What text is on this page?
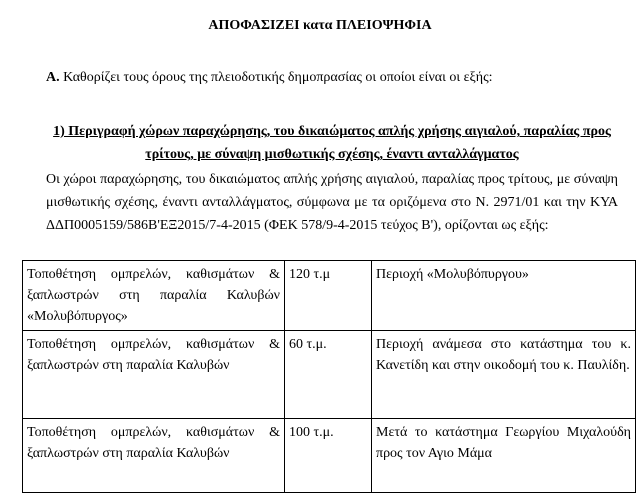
ΑΠΟΦΑΣΙΖΕΙ κατα ΠΛΕΙΟΨΗΦΙΑ
Α. Καθορίζει τους όρους της πλειοδοτικής δημοπρασίας οι οποίοι είναι οι εξής:
1) Περιγραφή χώρων παραχώρησης, του δικαιώματος απλής χρήσης αιγιαλού, παραλίας προς τρίτους, με σύναψη μισθωτικής σχέσης, έναντι ανταλλάγματος
Οι χώροι παραχώρησης, του δικαιώματος απλής χρήσης αιγιαλού, παραλίας προς τρίτους, με σύναψη μισθωτικής σχέσης, έναντι ανταλλάγματος, σύμφωνα με τα οριζόμενα στο Ν. 2971/01 και την ΚΥΑ ΔΔΠ0005159/586Β'ΕΞ2015/7-4-2015 (ΦΕΚ 578/9-4-2015 τεύχος Β'), ορίζονται ως εξής:
Τοποθέτηση ομπρελών, καθισμάτων & ξαπλωστρών στη παραλία Καλυβών «Μολυβόπυργος»	120 τ.μ	Περιοχή «Μολυβόπυργου»
Τοποθέτηση ομπρελών, καθισμάτων & ξαπλωστρών στη παραλία Καλυβών	60 τ.μ.	Περιοχή ανάμεσα στο κατάστημα του κ. Κανετίδη και στην οικοδομή του κ. Παυλίδη.
Τοποθέτηση ομπρελών, καθισμάτων & ξαπλωστρών στη παραλία Καλυβών	100 τ.μ.	Μετά το κατάστημα Γεωργίου Μιχαλούδη προς τον Αγιο Μάμα
